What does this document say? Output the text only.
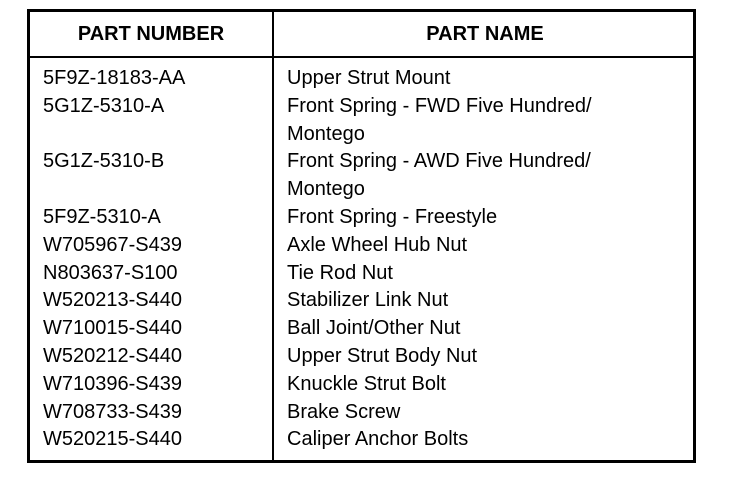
PART NUMBER	PART NAME
5F9Z-18183-AA	Upper Strut Mount
5G1Z-5310-A	Front Spring - FWD Five Hundred/
Montego
5G1Z-5310-B	Front Spring - AWD Five Hundred/
Montego
5F9Z-5310-A	Front Spring - Freestyle
W705967-S439	Axle Wheel Hub Nut
N803637-S100	Tie Rod Nut
W520213-S440	Stabilizer Link Nut
W710015-S440	Ball Joint/Other Nut
W520212-S440	Upper Strut Body Nut
W710396-S439	Knuckle Strut Bolt
W708733-S439	Brake Screw
W520215-S440	Caliper Anchor Bolts
